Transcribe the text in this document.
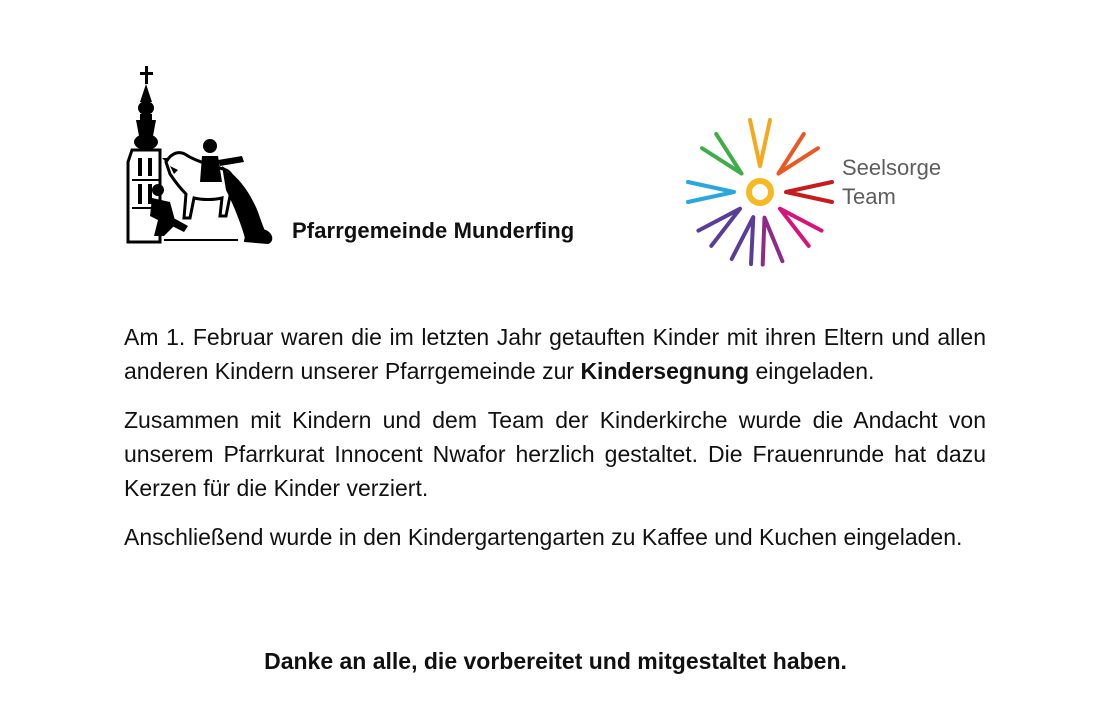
Pfarrgemeinde Munderfing
Seelsorge
Team

Am 1. Februar waren die im letzten Jahr getauften Kinder mit ihren Eltern und allen anderen Kindern unserer Pfarrgemeinde zur Kindersegnung eingeladen.

Zusammen mit Kindern und dem Team der Kinderkirche wurde die Andacht von unserem Pfarrkurat Innocent Nwafor herzlich gestaltet. Die Frauenrunde hat dazu Kerzen für die Kinder verziert.

Anschließend wurde in den Kindergartengarten zu Kaffee und Kuchen eingeladen.

Danke an alle, die vorbereitet und mitgestaltet haben.
